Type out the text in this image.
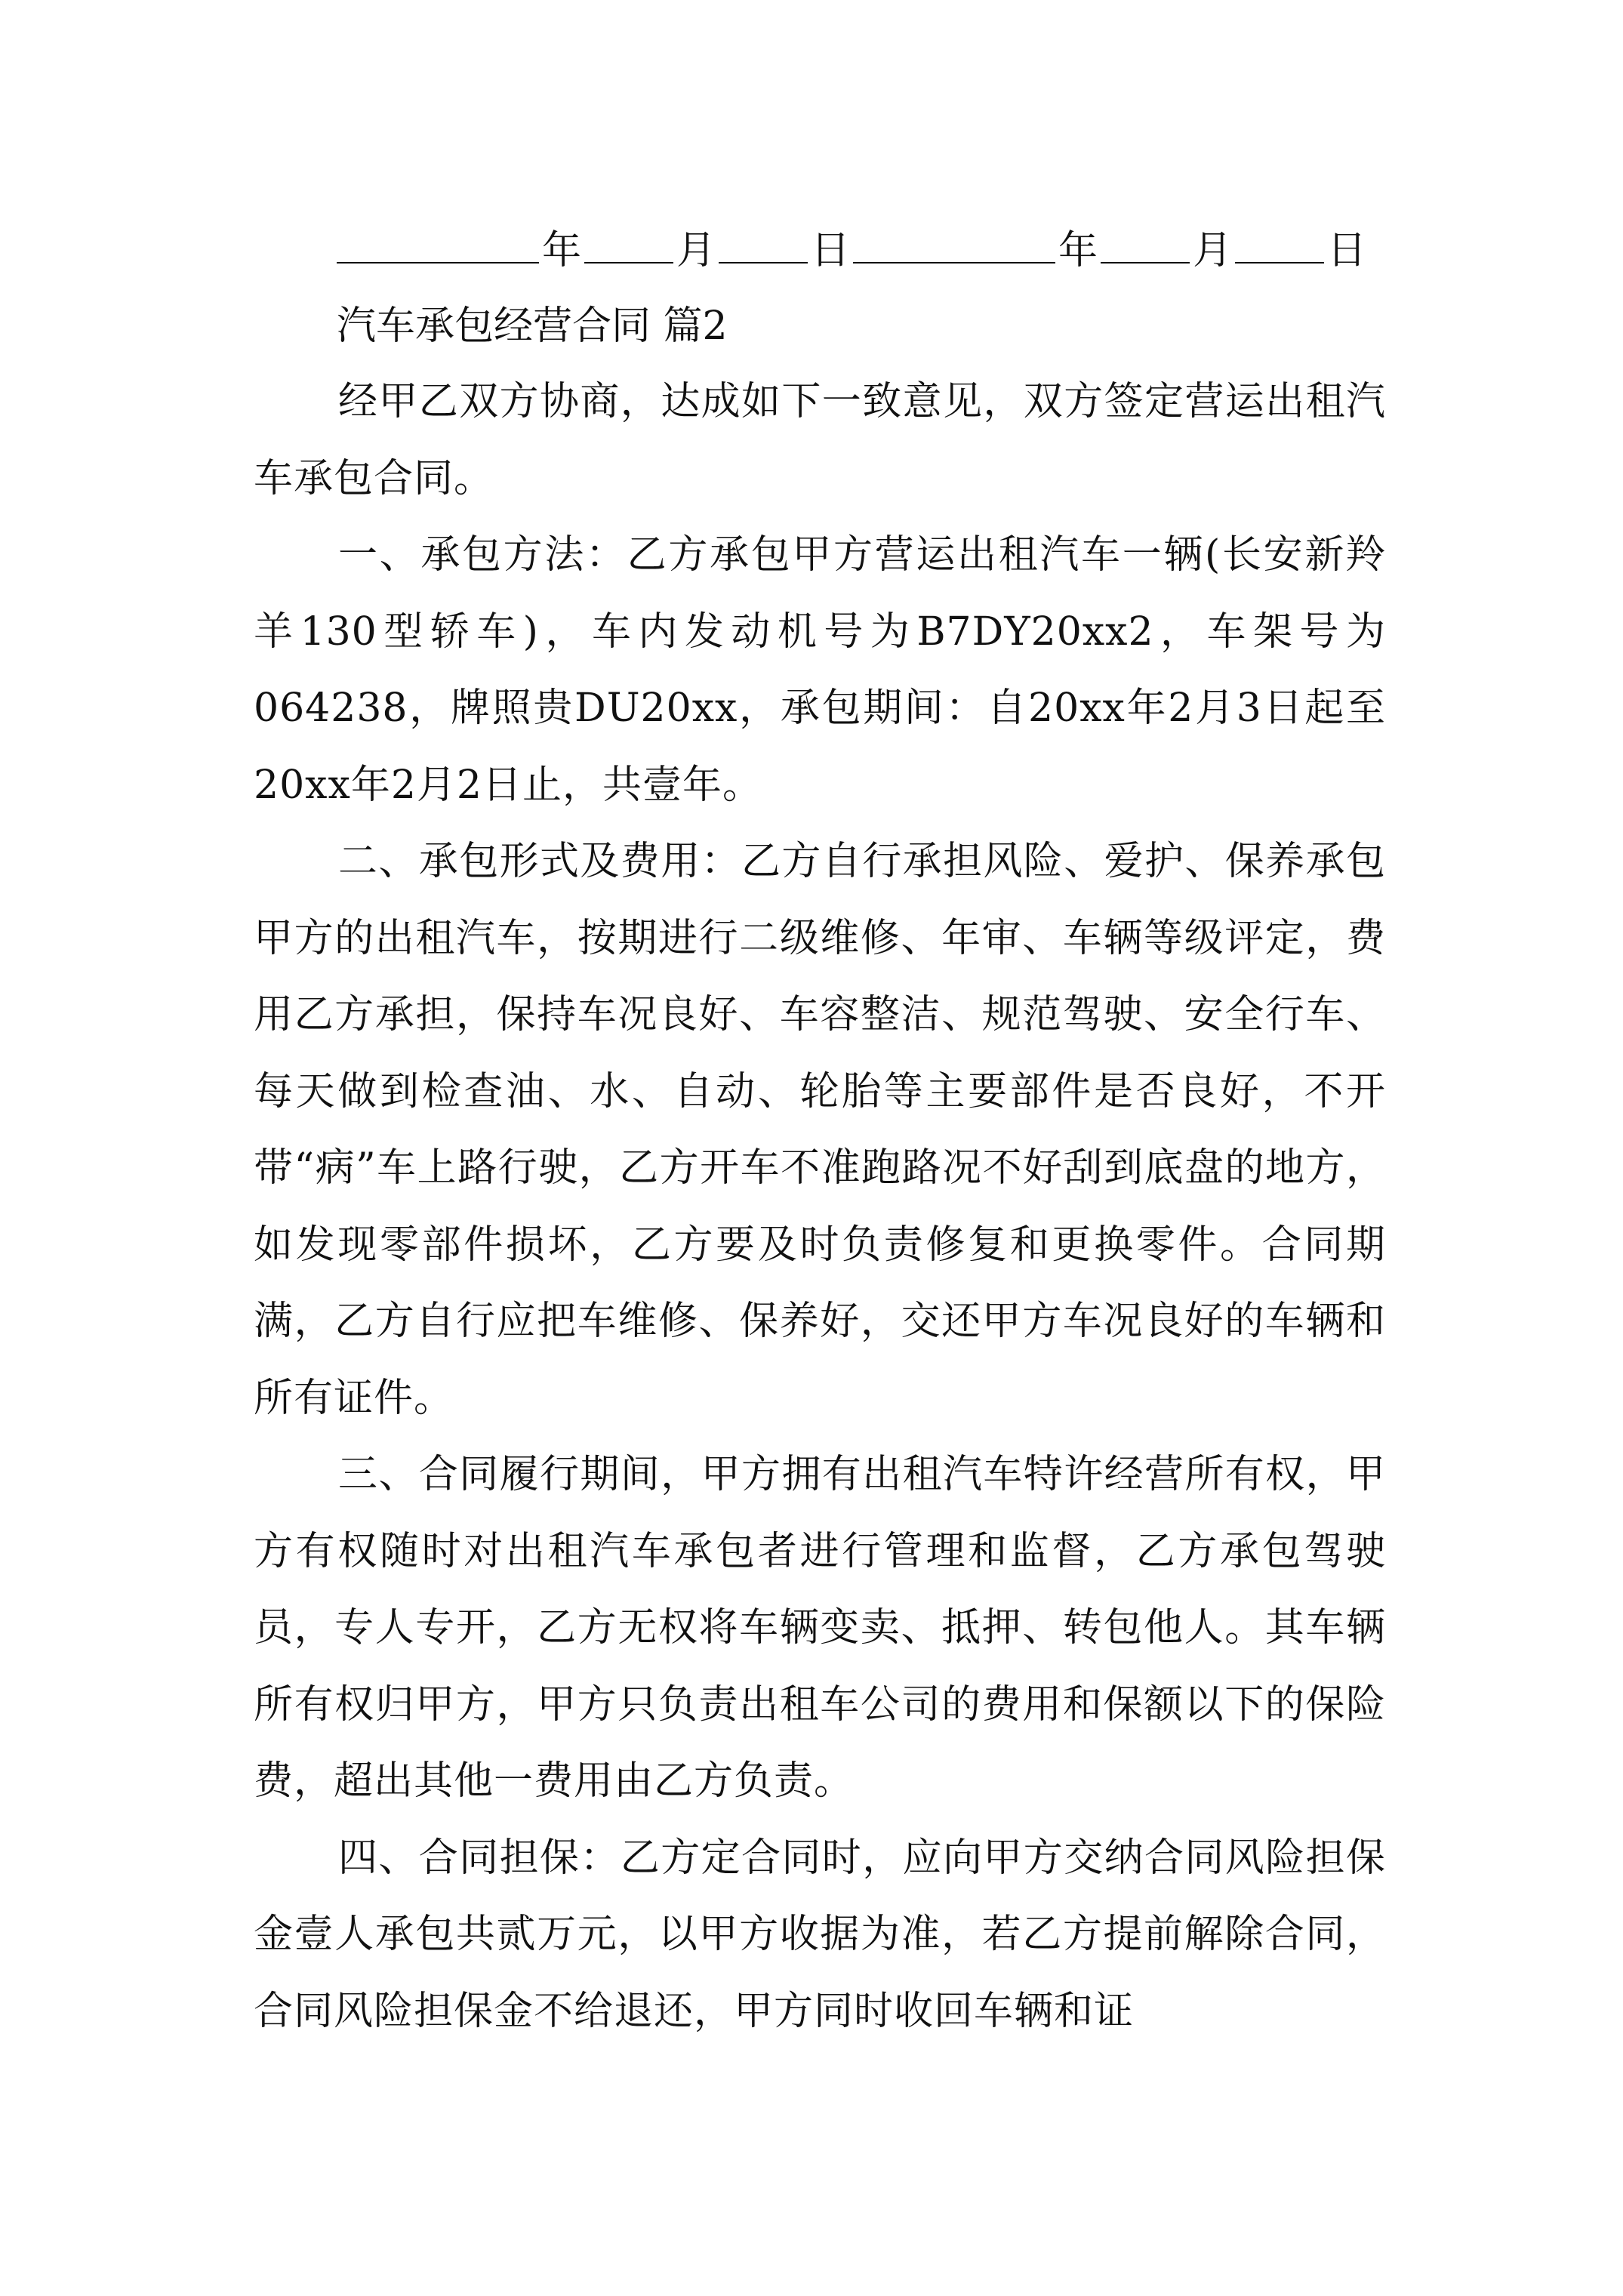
年 月 日	年 月 日
汽车承包经营合同 篇2

经甲乙双方协商，达成如下一致意见，双方签定营运出租汽车承包合同。

一、承包方法：乙方承包甲方营运出租汽车一辆(长安新羚羊130型轿车)，车内发动机号为B7DY20xx2，车架号为064238，牌照贵DU20xx，承包期间：自20xx年2月3日起至20xx年2月2日止，共壹年。

二、承包形式及费用：乙方自行承担风险、爱护、保养承包甲方的出租汽车，按期进行二级维修、年审、车辆等级评定，费用乙方承担，保持车况良好、车容整洁、规范驾驶、安全行车、每天做到检查油、水、自动、轮胎等主要部件是否良好，不开带“病”车上路行驶，乙方开车不准跑路况不好刮到底盘的地方，如发现零部件损坏，乙方要及时负责修复和更换零件。合同期满，乙方自行应把车维修、保养好，交还甲方车况良好的车辆和所有证件。

三、合同履行期间，甲方拥有出租汽车特许经营所有权，甲方有权随时对出租汽车承包者进行管理和监督，乙方承包驾驶员，专人专开，乙方无权将车辆变卖、抵押、转包他人。其车辆所有权归甲方，甲方只负责出租车公司的费用和保额以下的保险费，超出其他一费用由乙方负责。

四、合同担保：乙方定合同时，应向甲方交纳合同风险担保金壹人承包共贰万元，以甲方收据为准，若乙方提前解除合同，合同风险担保金不给退还，甲方同时收回车辆和证
